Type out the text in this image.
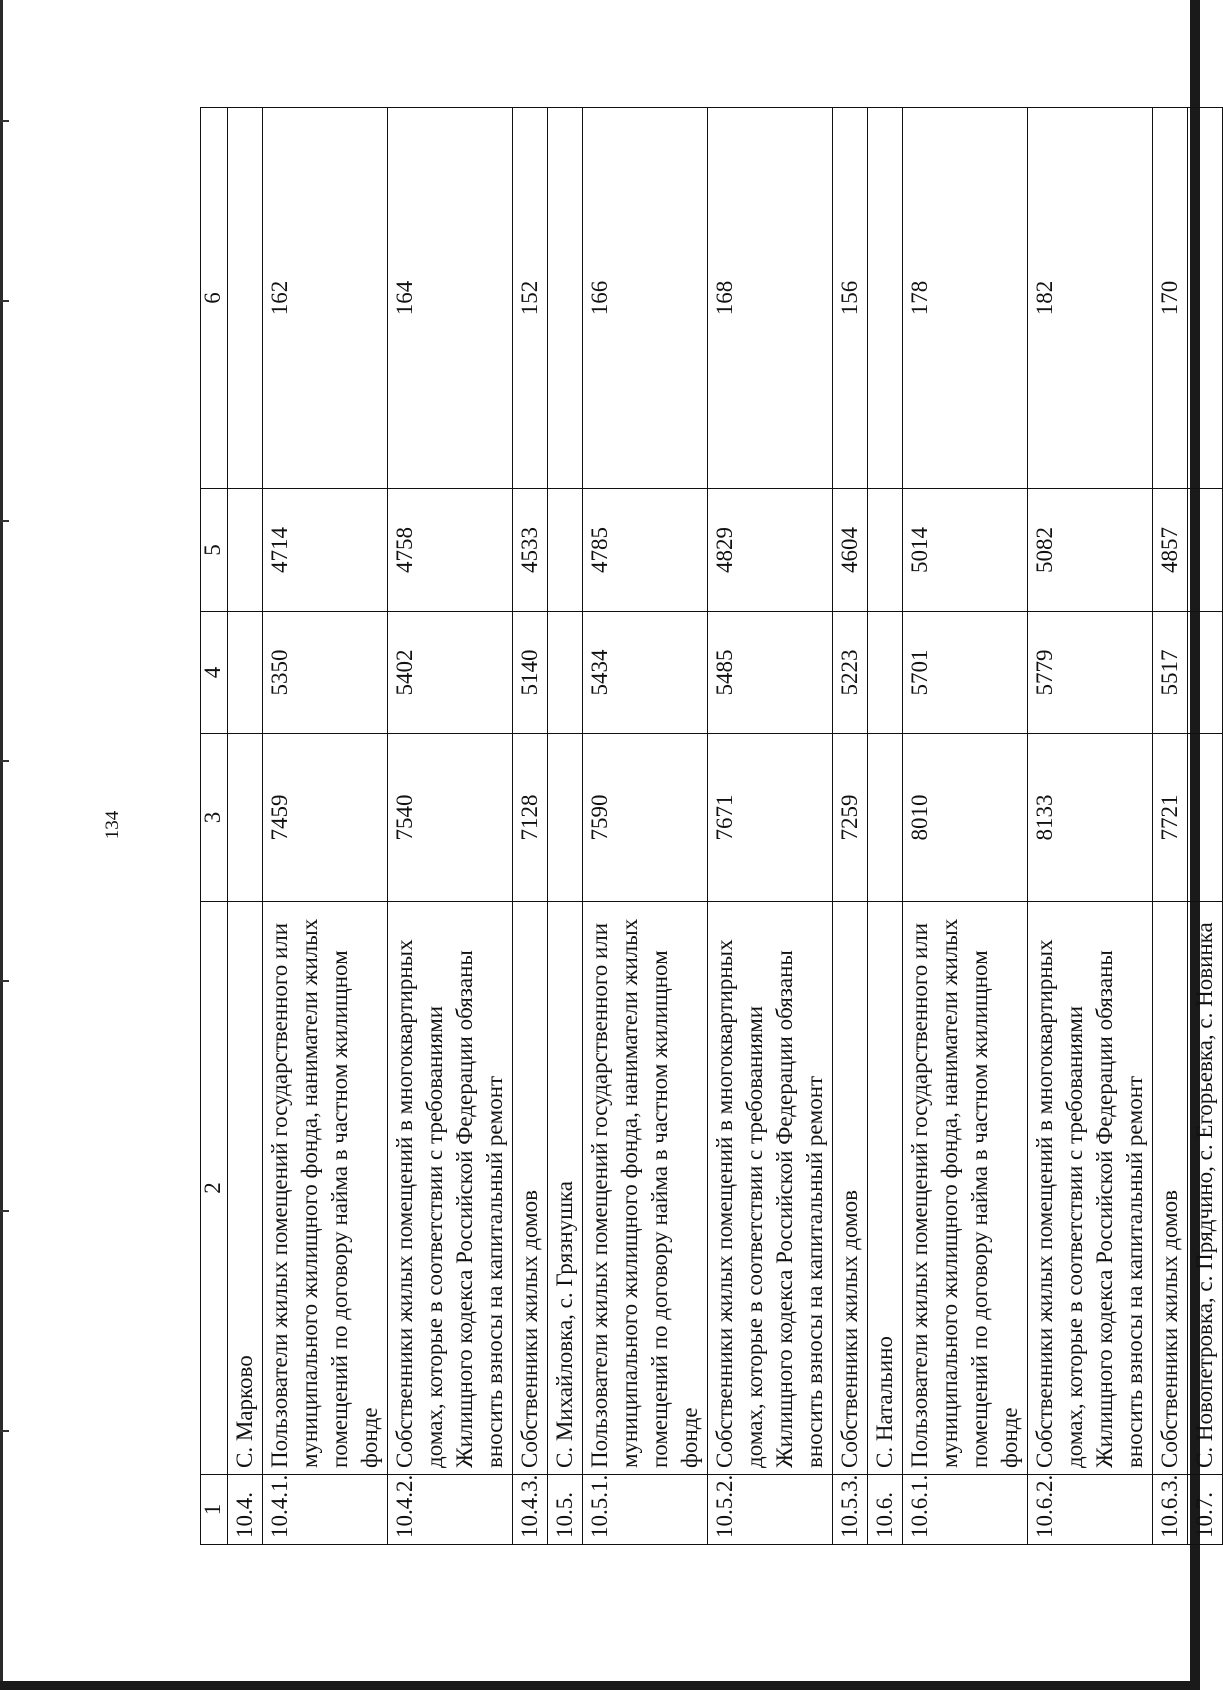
134
1	2	3	4	5	6
10.4.	С. Марково				
10.4.1.	Пользователи жилых помещений государственного или муниципального жилищного фонда, наниматели жилых помещений по договору найма в частном жилищном фонде	7459	5350	4714	162
10.4.2.	Собственники жилых помещений в многоквартирных домах, которые в соответствии с требованиями Жилищного кодекса Российской Федерации обязаны вносить взносы на капитальный ремонт	7540	5402	4758	164
10.4.3.	Собственники жилых домов	7128	5140	4533	152
10.5.	С. Михайловка, с. Грязнушка				
10.5.1.	Пользователи жилых помещений государственного или муниципального жилищного фонда, наниматели жилых помещений по договору найма в частном жилищном фонде	7590	5434	4785	166
10.5.2.	Собственники жилых помещений в многоквартирных домах, которые в соответствии с требованиями Жилищного кодекса Российской Федерации обязаны вносить взносы на капитальный ремонт	7671	5485	4829	168
10.5.3.	Собственники жилых домов	7259	5223	4604	156
10.6.	С. Натальино				
10.6.1.	Пользователи жилых помещений государственного или муниципального жилищного фонда, наниматели жилых помещений по договору найма в частном жилищном фонде	8010	5701	5014	178
10.6.2.	Собственники жилых помещений в многоквартирных домах, которые в соответствии с требованиями Жилищного кодекса Российской Федерации обязаны вносить взносы на капитальный ремонт	8133	5779	5082	182
10.6.3.	Собственники жилых домов	7721	5517	4857	170
10.7.	С. Новопетровка, с. Прядчино, с. Егорьевка, с. Новинка				
